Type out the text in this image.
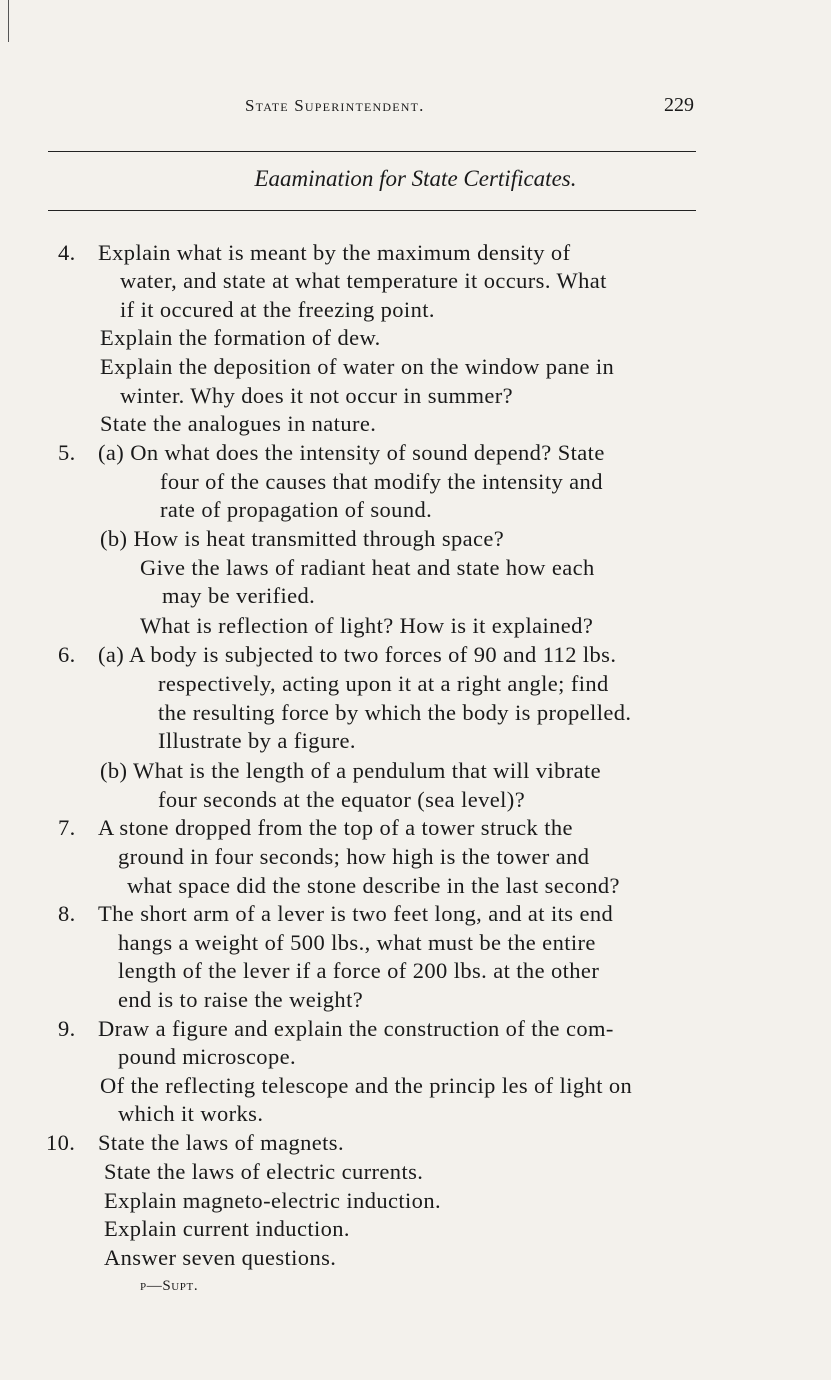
State Superintendent.	229
Eaamination for State Certificates.
4. Explain what is meant by the maximum density of
water, and state at what temperature it occurs. What
if it occured at the freezing point.
Explain the formation of dew.
Explain the deposition of water on the window pane in
winter. Why does it not occur in summer?
State the analogues in nature.
5. (a) On what does the intensity of sound depend? State
four of the causes that modify the intensity and
rate of propagation of sound.
(b) How is heat transmitted through space?
Give the laws of radiant heat and state how each
may be verified.
What is reflection of light? How is it explained?
6. (a) A body is subjected to two forces of 90 and 112 lbs.
respectively, acting upon it at a right angle; find
the resulting force by which the body is propelled.
Illustrate by a figure.
(b) What is the length of a pendulum that will vibrate
four seconds at the equator (sea level)?
7. A stone dropped from the top of a tower struck the
ground in four seconds; how high is the tower and
what space did the stone describe in the last second?
8. The short arm of a lever is two feet long, and at its end
hangs a weight of 500 lbs., what must be the entire
length of the lever if a force of 200 lbs. at the other
end is to raise the weight?
9. Draw a figure and explain the construction of the com-
pound microscope.
Of the reflecting telescope and the princip les of light on
which it works.
10. State the laws of magnets.
State the laws of electric currents.
Explain magneto-electric induction.
Explain current induction.
Answer seven questions.
p—Supt.
